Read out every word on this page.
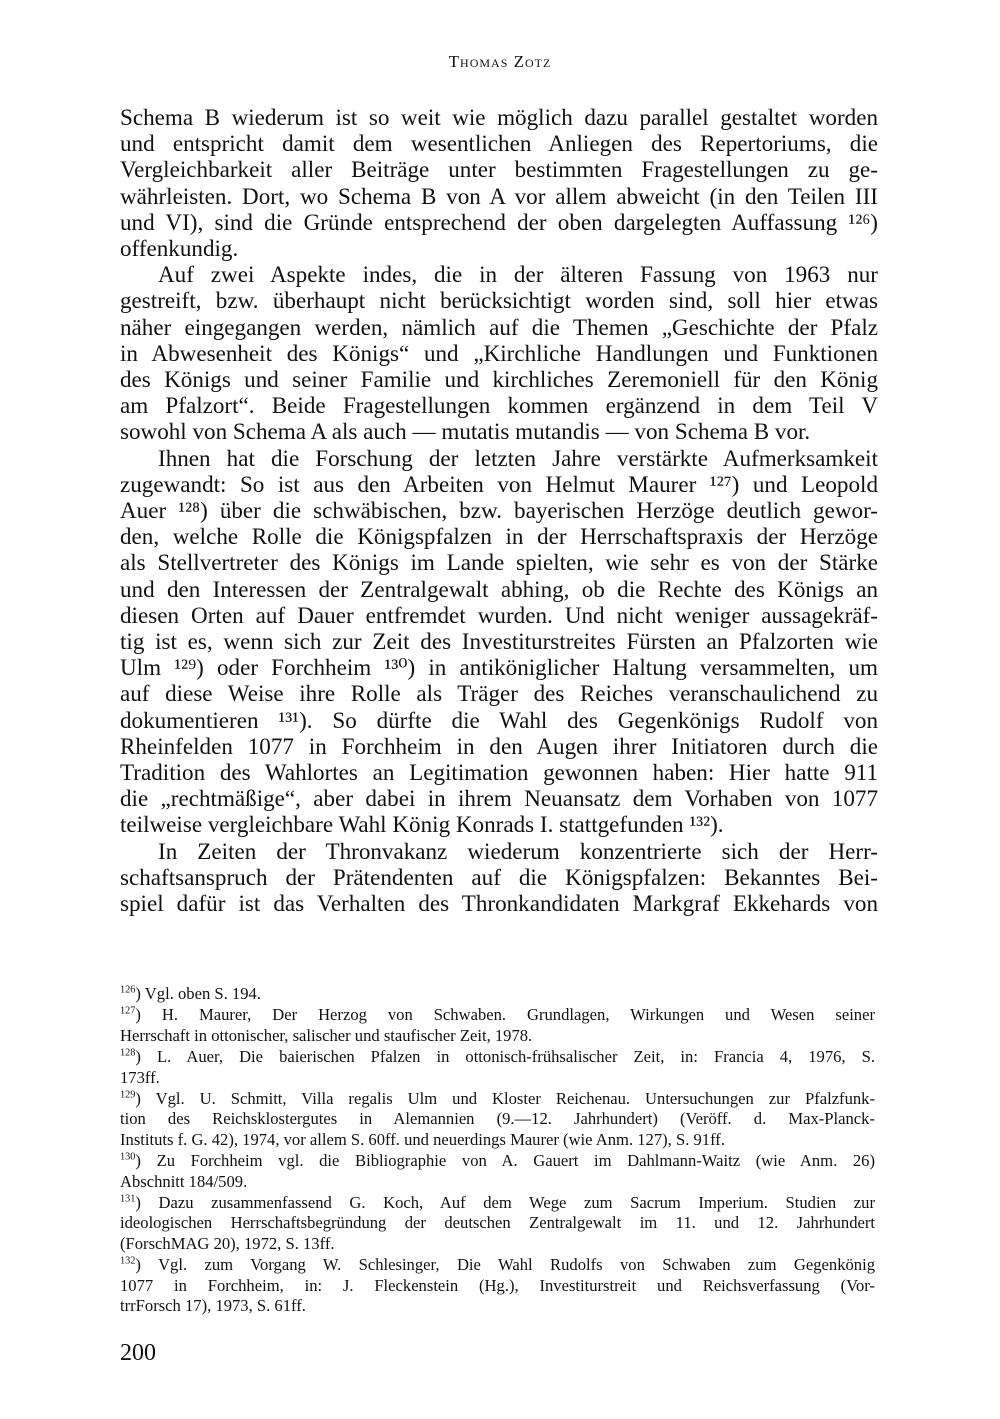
Thomas Zotz
Schema B wiederum ist so weit wie möglich dazu parallel gestaltet worden
und entspricht damit dem wesentlichen Anliegen des Repertoriums, die
Vergleichbarkeit aller Beiträge unter bestimmten Fragestellungen zu ge-
währleisten. Dort, wo Schema B von A vor allem abweicht (in den Teilen III
und VI), sind die Gründe entsprechend der oben dargelegten Auffassung ¹²⁶)
offenkundig.
Auf zwei Aspekte indes, die in der älteren Fassung von 1963 nur
gestreift, bzw. überhaupt nicht berücksichtigt worden sind, soll hier etwas
näher eingegangen werden, nämlich auf die Themen „Geschichte der Pfalz
in Abwesenheit des Königs“ und „Kirchliche Handlungen und Funktionen
des Königs und seiner Familie und kirchliches Zeremoniell für den König
am Pfalzort“. Beide Fragestellungen kommen ergänzend in dem Teil V
sowohl von Schema A als auch — mutatis mutandis — von Schema B vor.
Ihnen hat die Forschung der letzten Jahre verstärkte Aufmerksamkeit
zugewandt: So ist aus den Arbeiten von Helmut Maurer ¹²⁷) und Leopold
Auer ¹²⁸) über die schwäbischen, bzw. bayerischen Herzöge deutlich gewor-
den, welche Rolle die Königspfalzen in der Herrschaftspraxis der Herzöge
als Stellvertreter des Königs im Lande spielten, wie sehr es von der Stärke
und den Interessen der Zentralgewalt abhing, ob die Rechte des Königs an
diesen Orten auf Dauer entfremdet wurden. Und nicht weniger aussagekräf-
tig ist es, wenn sich zur Zeit des Investiturstreites Fürsten an Pfalzorten wie
Ulm ¹²⁹) oder Forchheim ¹³⁰) in antiköniglicher Haltung versammelten, um
auf diese Weise ihre Rolle als Träger des Reiches veranschaulichend zu
dokumentieren ¹³¹). So dürfte die Wahl des Gegenkönigs Rudolf von
Rheinfelden 1077 in Forchheim in den Augen ihrer Initiatoren durch die
Tradition des Wahlortes an Legitimation gewonnen haben: Hier hatte 911
die „rechtmäßige“, aber dabei in ihrem Neuansatz dem Vorhaben von 1077
teilweise vergleichbare Wahl König Konrads I. stattgefunden ¹³²).
In Zeiten der Thronvakanz wiederum konzentrierte sich der Herr-
schaftsanspruch der Prätendenten auf die Königspfalzen: Bekanntes Bei-
spiel dafür ist das Verhalten des Thronkandidaten Markgraf Ekkehards von
$^{126}$) Vgl. oben S. 194.
$^{127}$) H. Maurer, Der Herzog von Schwaben. Grundlagen, Wirkungen und Wesen seiner
Herrschaft in ottonischer, salischer und staufischer Zeit, 1978.
$^{128}$) L. Auer, Die baierischen Pfalzen in ottonisch-frühsalischer Zeit, in: Francia 4, 1976, S.
173ff.
$^{129}$) Vgl. U. Schmitt, Villa regalis Ulm und Kloster Reichenau. Untersuchungen zur Pfalzfunk-
tion des Reichsklostergutes in Alemannien (9.—12. Jahrhundert) (Veröff. d. Max-Planck-
Instituts f. G. 42), 1974, vor allem S. 60ff. und neuerdings Maurer (wie Anm. 127), S. 91ff.
$^{130}$) Zu Forchheim vgl. die Bibliographie von A. Gauert im Dahlmann-Waitz (wie Anm. 26)
Abschnitt 184/509.
$^{131}$) Dazu zusammenfassend G. Koch, Auf dem Wege zum Sacrum Imperium. Studien zur
ideologischen Herrschaftsbegründung der deutschen Zentralgewalt im 11. und 12. Jahrhundert
(ForschMAG 20), 1972, S. 13ff.
$^{132}$) Vgl. zum Vorgang W. Schlesinger, Die Wahl Rudolfs von Schwaben zum Gegenkönig
1077 in Forchheim, in: J. Fleckenstein (Hg.), Investiturstreit und Reichsverfassung (Vor-
trrForsch 17), 1973, S. 61ff.
200
